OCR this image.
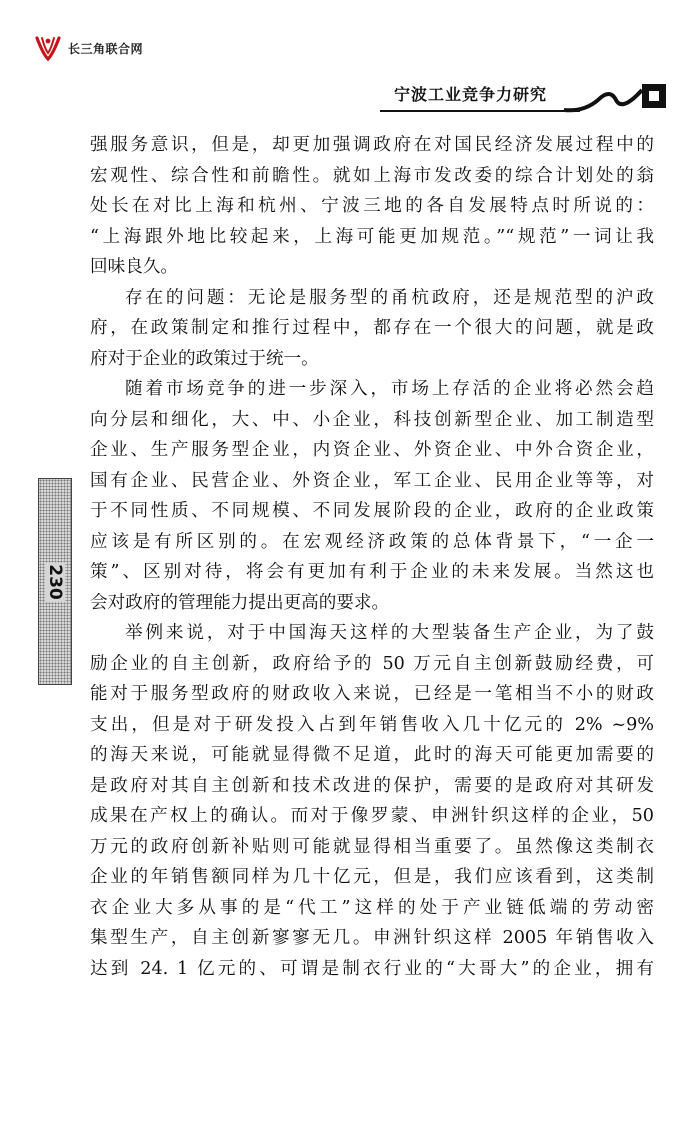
长三角联合网
宁波工业竞争力研究
230
强服务意识，但是，却更加强调政府在对国民经济发展过程中的
宏观性、综合性和前瞻性。就如上海市发改委的综合计划处的翁
处长在对比上海和杭州、宁波三地的各自发展特点时所说的：
“上海跟外地比较起来，上海可能更加规范。”“规范”一词让我
回味良久。
存在的问题：无论是服务型的甬杭政府，还是规范型的沪政
府，在政策制定和推行过程中，都存在一个很大的问题，就是政
府对于企业的政策过于统一。
随着市场竞争的进一步深入，市场上存活的企业将必然会趋
向分层和细化，大、中、小企业，科技创新型企业、加工制造型
企业、生产服务型企业，内资企业、外资企业、中外合资企业，
国有企业、民营企业、外资企业，军工企业、民用企业等等，对
于不同性质、不同规模、不同发展阶段的企业，政府的企业政策
应该是有所区别的。在宏观经济政策的总体背景下，“一企一
策”、区别对待，将会有更加有利于企业的未来发展。当然这也
会对政府的管理能力提出更高的要求。
举例来说，对于中国海天这样的大型装备生产企业，为了鼓
励企业的自主创新，政府给予的 50 万元自主创新鼓励经费，可
能对于服务型政府的财政收入来说，已经是一笔相当不小的财政
支出，但是对于研发投入占到年销售收入几十亿元的 2% ~9%
的海天来说，可能就显得微不足道，此时的海天可能更加需要的
是政府对其自主创新和技术改进的保护，需要的是政府对其研发
成果在产权上的确认。而对于像罗蒙、申洲针织这样的企业，50
万元的政府创新补贴则可能就显得相当重要了。虽然像这类制衣
企业的年销售额同样为几十亿元，但是，我们应该看到，这类制
衣企业大多从事的是“代工”这样的处于产业链低端的劳动密
集型生产，自主创新寥寥无几。申洲针织这样 2005 年销售收入
达到 24. 1 亿元的、可谓是制衣行业的“大哥大”的企业，拥有
